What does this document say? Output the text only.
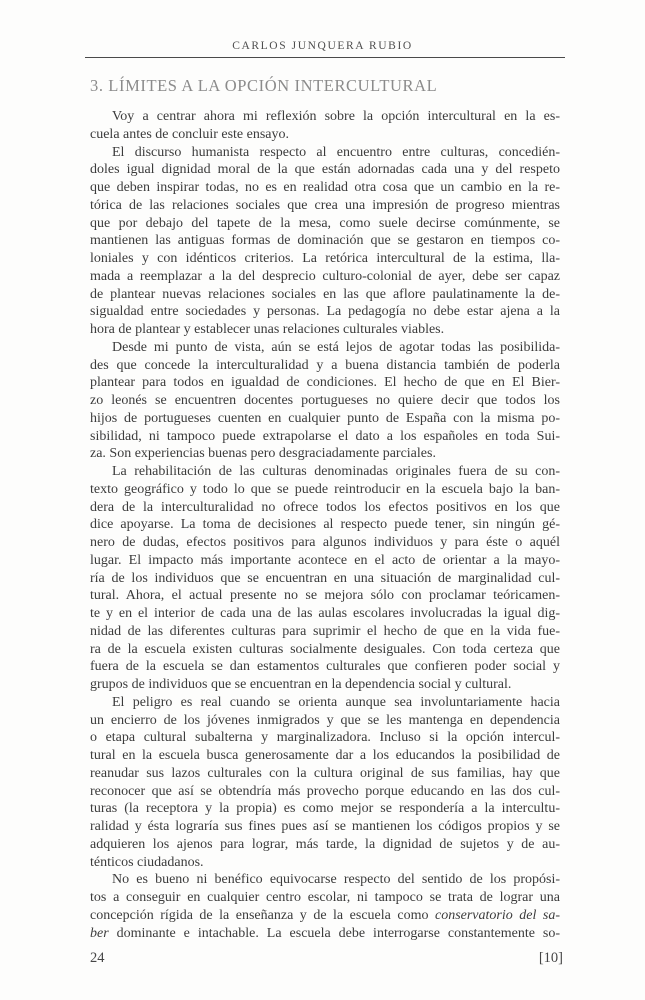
CARLOS JUNQUERA RUBIO
3. LÍMITES A LA OPCIÓN INTERCULTURAL
Voy a centrar ahora mi reflexión sobre la opción intercultural en la es-
cuela antes de concluir este ensayo.
El discurso humanista respecto al encuentro entre culturas, concedién-
doles igual dignidad moral de la que están adornadas cada una y del respeto
que deben inspirar todas, no es en realidad otra cosa que un cambio en la re-
tórica de las relaciones sociales que crea una impresión de progreso mientras
que por debajo del tapete de la mesa, como suele decirse comúnmente, se
mantienen las antiguas formas de dominación que se gestaron en tiempos co-
loniales y con idénticos criterios. La retórica intercultural de la estima, lla-
mada a reemplazar a la del desprecio culturo-colonial de ayer, debe ser capaz
de plantear nuevas relaciones sociales en las que aflore paulatinamente la de-
sigualdad entre sociedades y personas. La pedagogía no debe estar ajena a la
hora de plantear y establecer unas relaciones culturales viables.
Desde mi punto de vista, aún se está lejos de agotar todas las posibilida-
des que concede la interculturalidad y a buena distancia también de poderla
plantear para todos en igualdad de condiciones. El hecho de que en El Bier-
zo leonés se encuentren docentes portugueses no quiere decir que todos los
hijos de portugueses cuenten en cualquier punto de España con la misma po-
sibilidad, ni tampoco puede extrapolarse el dato a los españoles en toda Sui-
za. Son experiencias buenas pero desgraciadamente parciales.
La rehabilitación de las culturas denominadas originales fuera de su con-
texto geográfico y todo lo que se puede reintroducir en la escuela bajo la ban-
dera de la interculturalidad no ofrece todos los efectos positivos en los que
dice apoyarse. La toma de decisiones al respecto puede tener, sin ningún gé-
nero de dudas, efectos positivos para algunos individuos y para éste o aquél
lugar. El impacto más importante acontece en el acto de orientar a la mayo-
ría de los individuos que se encuentran en una situación de marginalidad cul-
tural. Ahora, el actual presente no se mejora sólo con proclamar teóricamen-
te y en el interior de cada una de las aulas escolares involucradas la igual dig-
nidad de las diferentes culturas para suprimir el hecho de que en la vida fue-
ra de la escuela existen culturas socialmente desiguales. Con toda certeza que
fuera de la escuela se dan estamentos culturales que confieren poder social y
grupos de individuos que se encuentran en la dependencia social y cultural.
El peligro es real cuando se orienta aunque sea involuntariamente hacia
un encierro de los jóvenes inmigrados y que se les mantenga en dependencia
o etapa cultural subalterna y marginalizadora. Incluso si la opción intercul-
tural en la escuela busca generosamente dar a los educandos la posibilidad de
reanudar sus lazos culturales con la cultura original de sus familias, hay que
reconocer que así se obtendría más provecho porque educando en las dos cul-
turas (la receptora y la propia) es como mejor se respondería a la intercultu-
ralidad y ésta lograría sus fines pues así se mantienen los códigos propios y se
adquieren los ajenos para lograr, más tarde, la dignidad de sujetos y de au-
ténticos ciudadanos.
No es bueno ni benéfico equivocarse respecto del sentido de los propósi-
tos a conseguir en cualquier centro escolar, ni tampoco se trata de lograr una
concepción rígida de la enseñanza y de la escuela como conservatorio del sa-
ber dominante e intachable. La escuela debe interrogarse constantemente so-
24	[10]
